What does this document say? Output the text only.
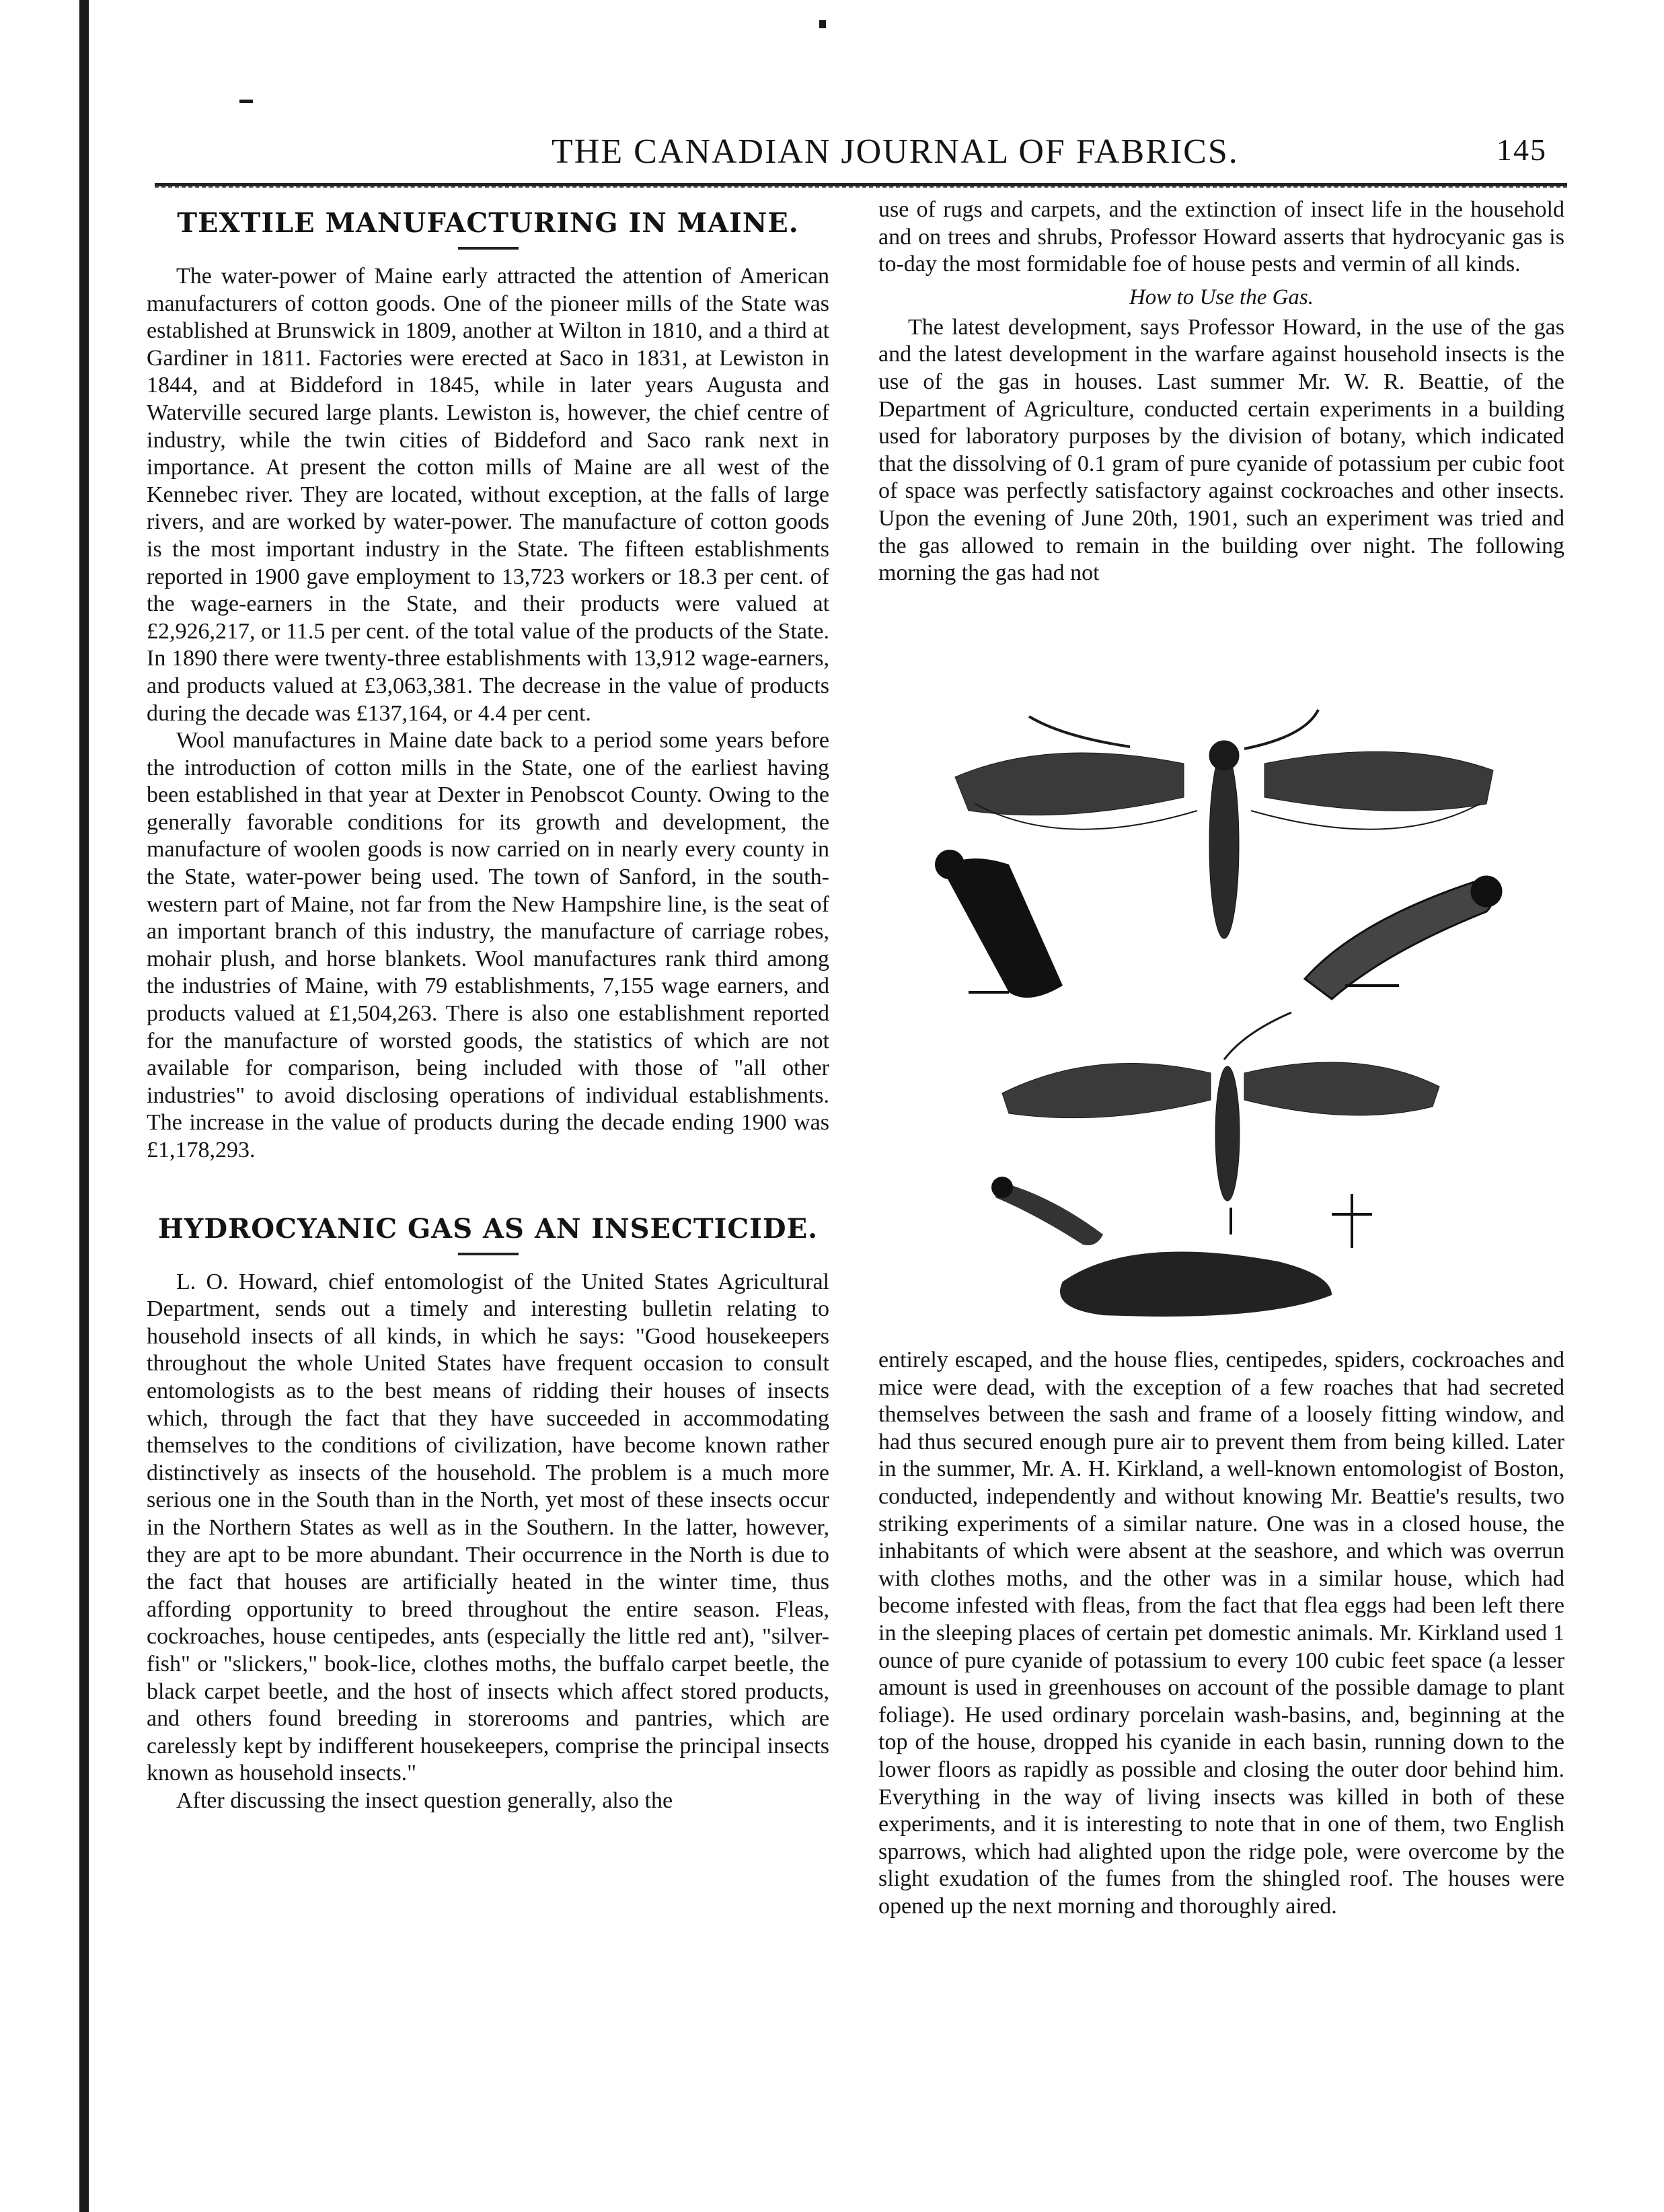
THE CANADIAN JOURNAL OF FABRICS.	145
TEXTILE MANUFACTURING IN MAINE.

The water-power of Maine early attracted the attention of American manufacturers of cotton goods. One of the pioneer mills of the State was established at Brunswick in 1809, another at Wilton in 1810, and a third at Gardiner in 1811. Factories were erected at Saco in 1831, at Lewiston in 1844, and at Biddeford in 1845, while in later years Augusta and Waterville secured large plants. Lewiston is, however, the chief centre of industry, while the twin cities of Biddeford and Saco rank next in importance. At present the cotton mills of Maine are all west of the Kennebec river. They are located, without exception, at the falls of large rivers, and are worked by water-power. The manufacture of cotton goods is the most important industry in the State. The fifteen establishments reported in 1900 gave employment to 13,723 workers or 18.3 per cent. of the wage-earners in the State, and their products were valued at £2,926,217, or 11.5 per cent. of the total value of the products of the State. In 1890 there were twenty-three establishments with 13,912 wage-earners, and products valued at £3,063,381. The decrease in the value of products during the decade was £137,164, or 4.4 per cent.

Wool manufactures in Maine date back to a period some years before the introduction of cotton mills in the State, one of the earliest having been established in that year at Dexter in Penobscot County. Owing to the generally favorable conditions for its growth and development, the manufacture of woolen goods is now carried on in nearly every county in the State, water-power being used. The town of Sanford, in the south-western part of Maine, not far from the New Hampshire line, is the seat of an important branch of this industry, the manufacture of carriage robes, mohair plush, and horse blankets. Wool manufactures rank third among the industries of Maine, with 79 establishments, 7,155 wage earners, and products valued at £1,504,263. There is also one establishment reported for the manufacture of worsted goods, the statistics of which are not available for comparison, being included with those of "all other industries" to avoid disclosing operations of individual establishments. The increase in the value of products during the decade ending 1900 was £1,178,293.

HYDROCYANIC GAS AS AN INSECTICIDE.

L. O. Howard, chief entomologist of the United States Agricultural Department, sends out a timely and interesting bulletin relating to household insects of all kinds, in which he says: "Good housekeepers throughout the whole United States have frequent occasion to consult entomologists as to the best means of ridding their houses of insects which, through the fact that they have succeeded in accommodating themselves to the conditions of civilization, have become known rather distinctively as insects of the household. The problem is a much more serious one in the South than in the North, yet most of these insects occur in the Northern States as well as in the Southern. In the latter, however, they are apt to be more abundant. Their occurrence in the North is due to the fact that houses are artificially heated in the winter time, thus affording opportunity to breed throughout the entire season. Fleas, cockroaches, house centipedes, ants (especially the little red ant), "silver-fish" or "slickers," book-lice, clothes moths, the buffalo carpet beetle, the black carpet beetle, and the host of insects which affect stored products, and others found breeding in storerooms and pantries, which are carelessly kept by indifferent housekeepers, comprise the principal insects known as household insects."

After discussing the insect question generally, also the

use of rugs and carpets, and the extinction of insect life in the household and on trees and shrubs, Professor Howard asserts that hydrocyanic gas is to-day the most formidable foe of house pests and vermin of all kinds.

How to Use the Gas.

The latest development, says Professor Howard, in the use of the gas and the latest development in the warfare against household insects is the use of the gas in houses. Last summer Mr. W. R. Beattie, of the Department of Agriculture, conducted certain experiments in a building used for laboratory purposes by the division of botany, which indicated that the dissolving of 0.1 gram of pure cyanide of potassium per cubic foot of space was perfectly satisfactory against cockroaches and other insects. Upon the evening of June 20th, 1901, such an experiment was tried and the gas allowed to remain in the building over night. The following morning the gas had not

entirely escaped, and the house flies, centipedes, spiders, cockroaches and mice were dead, with the exception of a few roaches that had secreted themselves between the sash and frame of a loosely fitting window, and had thus secured enough pure air to prevent them from being killed. Later in the summer, Mr. A. H. Kirkland, a well-known entomologist of Boston, conducted, independently and without knowing Mr. Beattie's results, two striking experiments of a similar nature. One was in a closed house, the inhabitants of which were absent at the seashore, and which was overrun with clothes moths, and the other was in a similar house, which had become infested with fleas, from the fact that flea eggs had been left there in the sleeping places of certain pet domestic animals. Mr. Kirkland used 1 ounce of pure cyanide of potassium to every 100 cubic feet space (a lesser amount is used in greenhouses on account of the possible damage to plant foliage). He used ordinary porcelain wash-basins, and, beginning at the top of the house, dropped his cyanide in each basin, running down to the lower floors as rapidly as possible and closing the outer door behind him. Everything in the way of living insects was killed in both of these experiments, and it is interesting to note that in one of them, two English sparrows, which had alighted upon the ridge pole, were overcome by the slight exudation of the fumes from the shingled roof. The houses were opened up the next morning and thoroughly aired.
